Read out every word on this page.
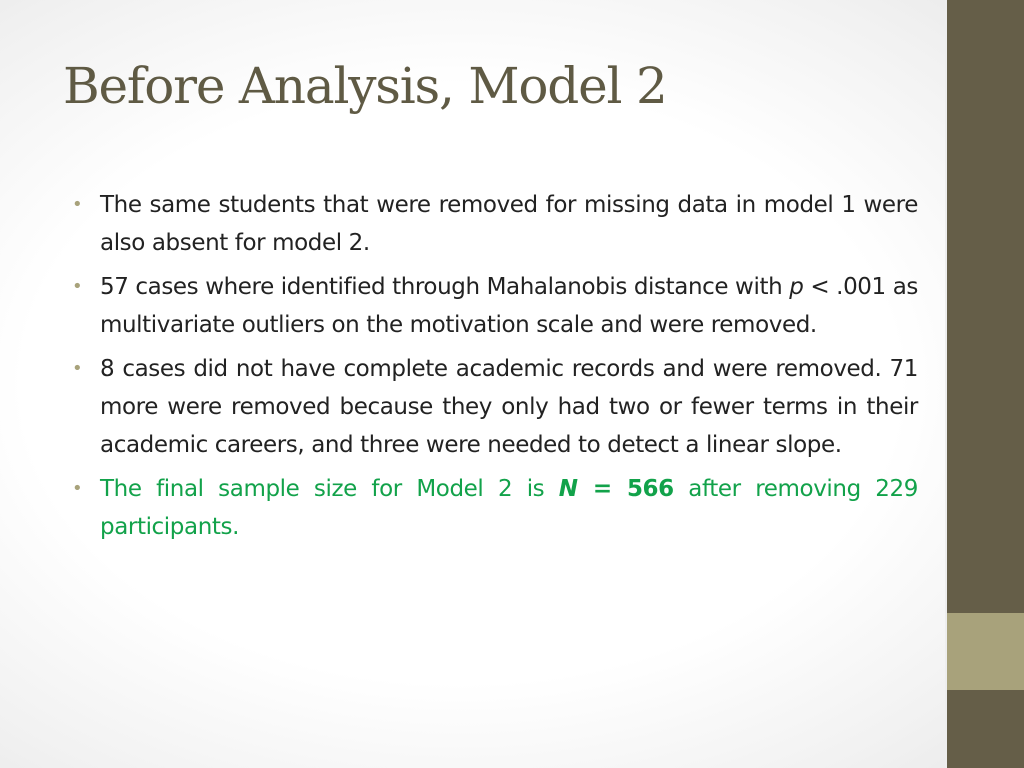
Before Analysis, Model 2
• The same students that were removed for missing data in model 1 were also absent for model 2.
• 57 cases where identified through Mahalanobis distance with p < .001 as multivariate outliers on the motivation scale and were removed.
• 8 cases did not have complete academic records and were removed. 71 more were removed because they only had two or fewer terms in their academic careers, and three were needed to detect a linear slope.
• The final sample size for Model 2 is N = 566 after removing 229 participants.
